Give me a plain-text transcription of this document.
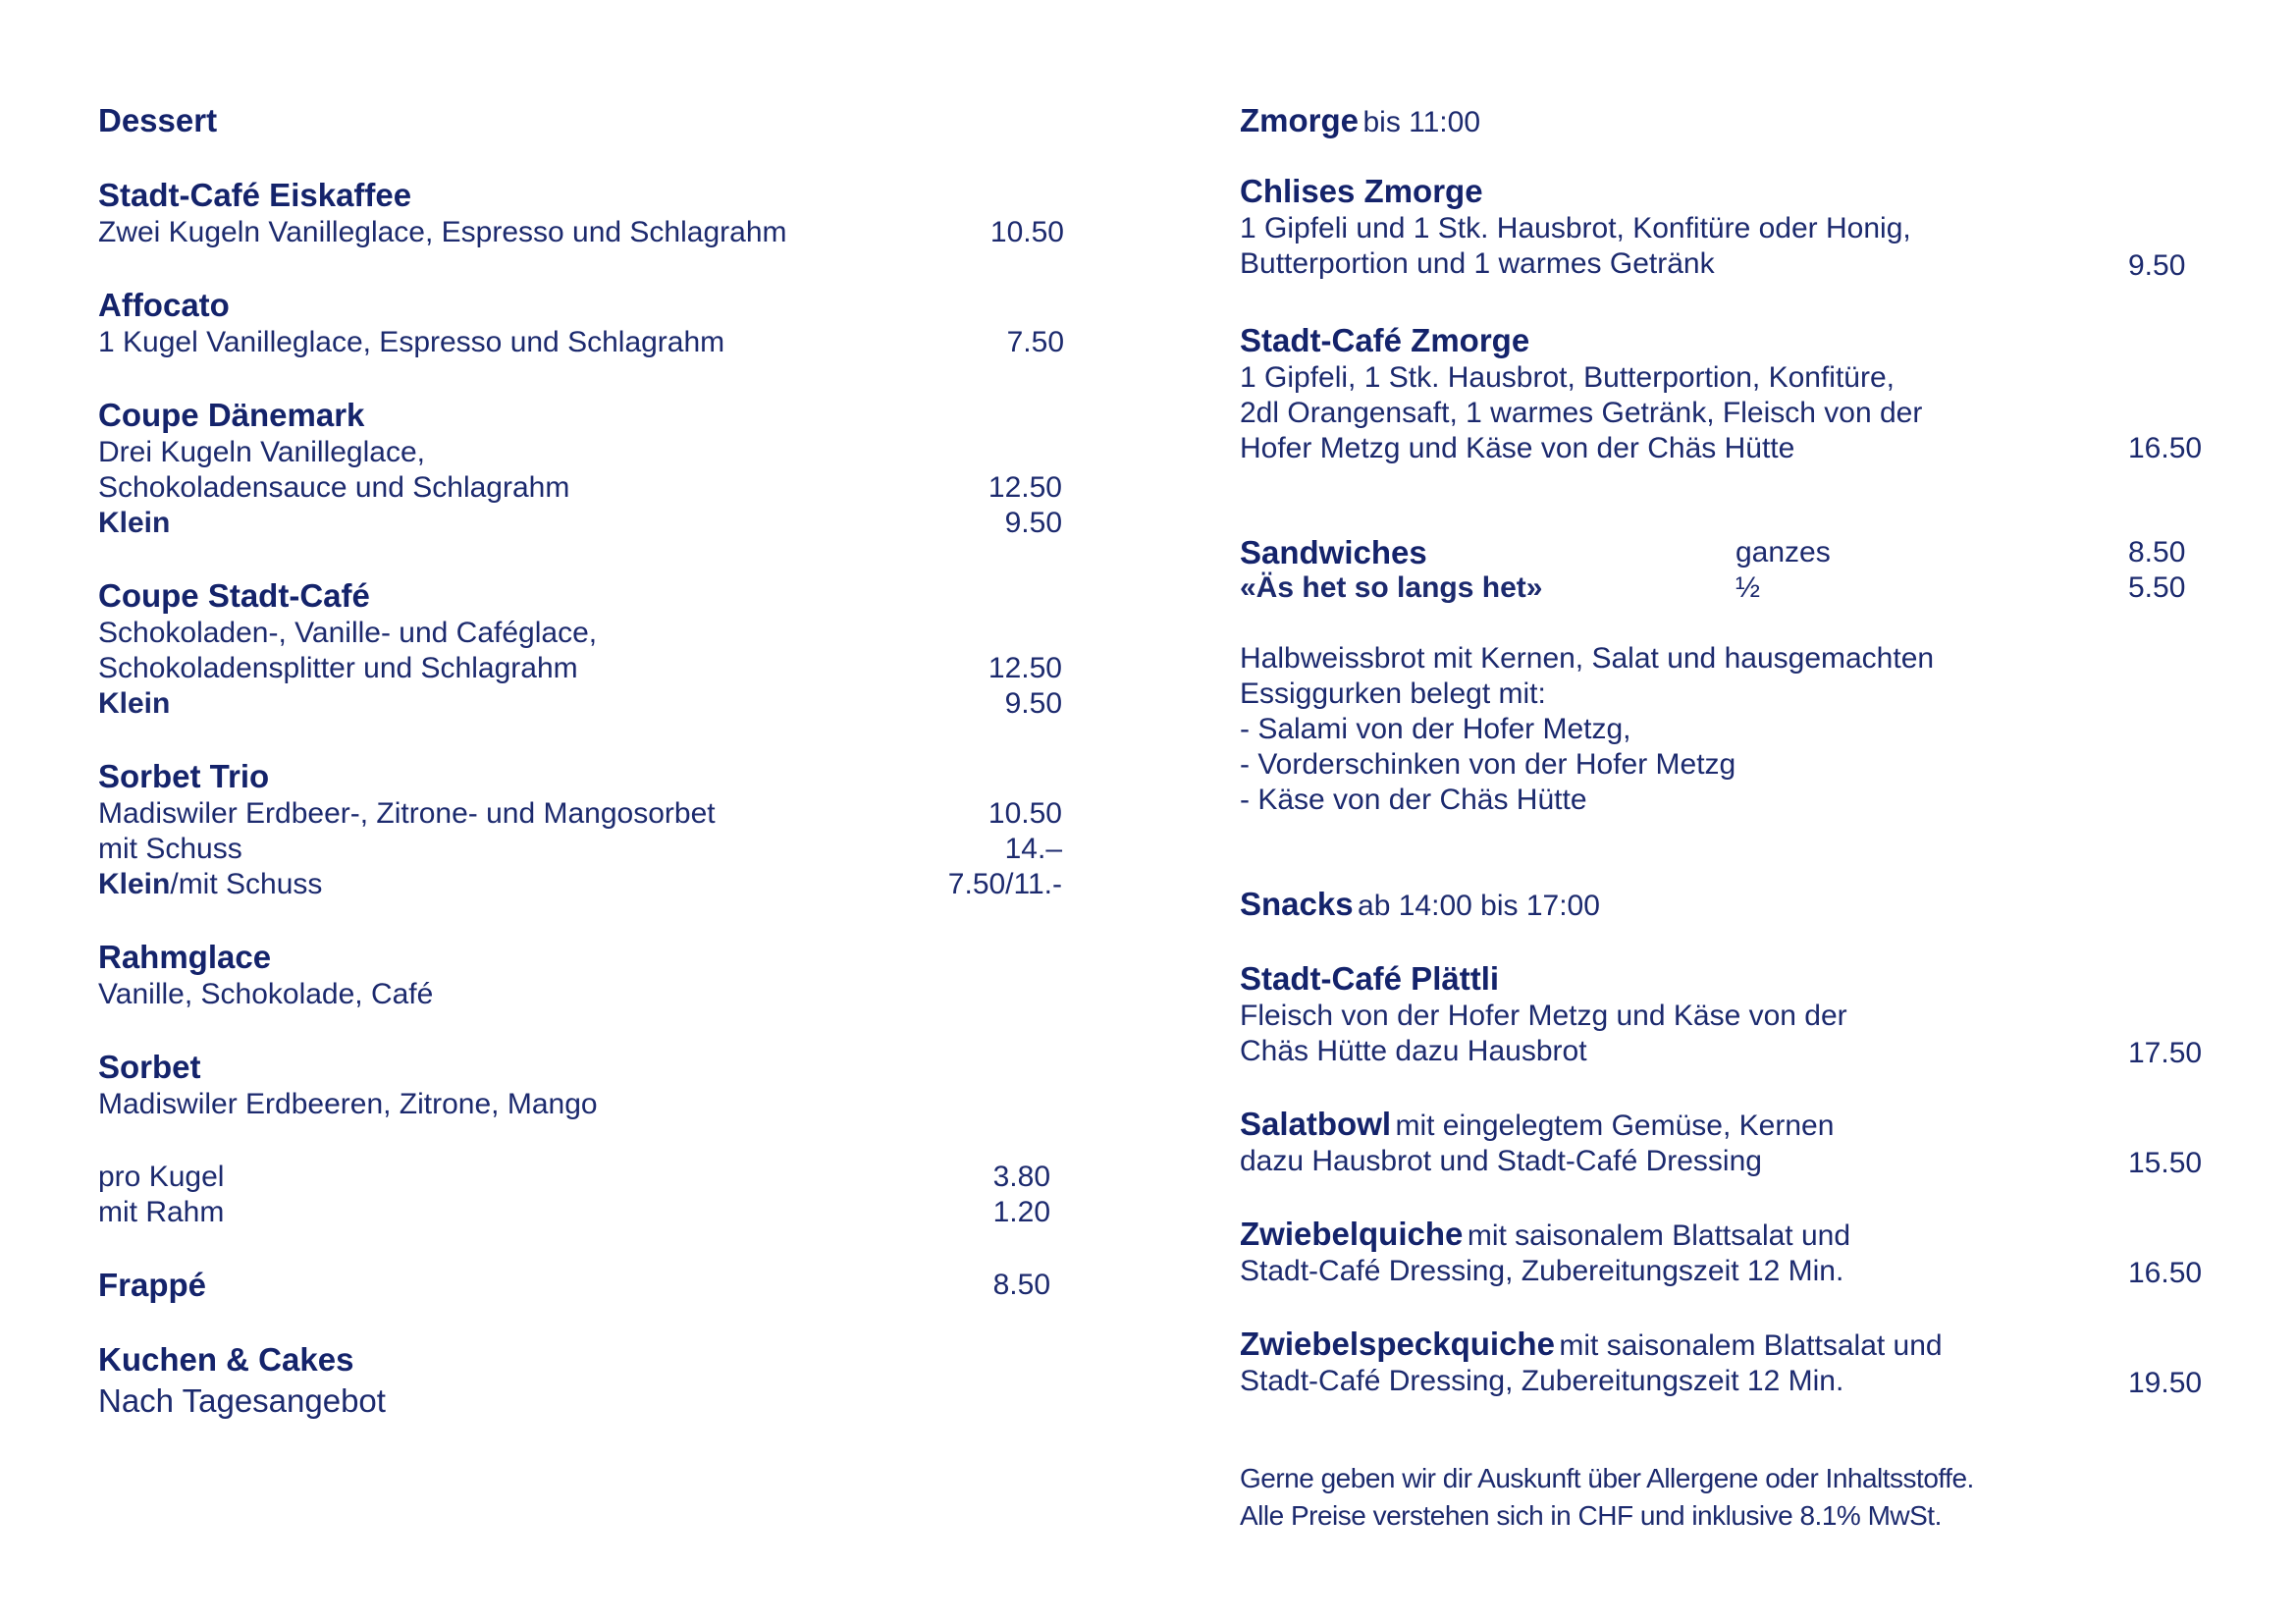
Dessert
Stadt-Café Eiskaffee
Zwei Kugeln Vanilleglace, Espresso und Schlagrahm	10.50
Affocato
1 Kugel Vanilleglace, Espresso und Schlagrahm	7.50
Coupe Dänemark
Drei Kugeln Vanilleglace,
Schokoladensauce und Schlagrahm	12.50
Klein	9.50
Coupe Stadt-Café
Schokoladen-, Vanille- und Caféglace,
Schokoladensplitter und Schlagrahm	12.50
Klein	9.50
Sorbet Trio
Madiswiler Erdbeer-, Zitrone- und Mangosorbet	10.50
mit Schuss	14.–
Klein/mit Schuss	7.50/11.-
Rahmglace
Vanille, Schokolade, Café
Sorbet
Madiswiler Erdbeeren, Zitrone, Mango
pro Kugel	3.80
mit Rahm	1.20
Frappé	8.50
Kuchen & Cakes
Nach Tagesangebot
Zmorge bis 11:00
Chlises Zmorge
1 Gipfeli und 1 Stk. Hausbrot, Konfitüre oder Honig,
Butterportion und 1 warmes Getränk	9.50
Stadt-Café Zmorge
1 Gipfeli, 1 Stk. Hausbrot, Butterportion, Konfitüre,
2dl Orangensaft, 1 warmes Getränk, Fleisch von der
Hofer Metzg und Käse von der Chäs Hütte	16.50
Sandwiches	ganzes	8.50
«Äs het so langs het»	½	5.50
Halbweissbrot mit Kernen, Salat und hausgemachten
Essiggurken belegt mit:
- Salami von der Hofer Metzg,
- Vorderschinken von der Hofer Metzg
- Käse von der Chäs Hütte
Snacks ab 14:00 bis 17:00
Stadt-Café Plättli
Fleisch von der Hofer Metzg und Käse von der
Chäs Hütte dazu Hausbrot	17.50
Salatbowl mit eingelegtem Gemüse, Kernen
dazu Hausbrot und Stadt-Café Dressing	15.50
Zwiebelquiche mit saisonalem Blattsalat und
Stadt-Café Dressing, Zubereitungszeit 12 Min.	16.50
Zwiebelspeckquiche mit saisonalem Blattsalat und
Stadt-Café Dressing, Zubereitungszeit 12 Min.	19.50
Gerne geben wir dir Auskunft über Allergene oder Inhaltsstoffe.
Alle Preise verstehen sich in CHF und inklusive 8.1% MwSt.
